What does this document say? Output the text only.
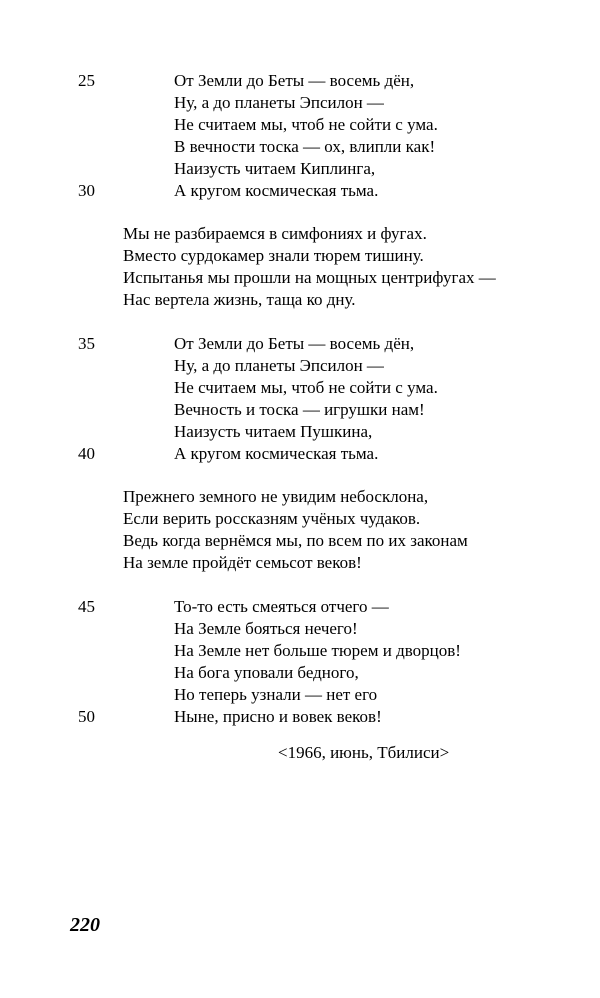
25	От Земли до Беты — восемь дён,
Ну, а до планеты Эпсилон —
Не считаем мы, чтоб не сойти с ума.
В вечности тоска — ох, влипли как!
Наизусть читаем Киплинга,
30	А кругом космическая тьма.
Мы не разбираемся в симфониях и фугах.
Вместо сурдокамер знали тюрем тишину.
Испытанья мы прошли на мощных центрифугах —
Нас вертела жизнь, таща ко дну.
35	От Земли до Беты — восемь дён,
Ну, а до планеты Эпсилон —
Не считаем мы, чтоб не сойти с ума.
Вечность и тоска — игрушки нам!
Наизусть читаем Пушкина,
40	А кругом космическая тьма.
Прежнего земного не увидим небосклона,
Если верить россказням учёных чудаков.
Ведь когда вернёмся мы, по всем по их законам
На земле пройдёт семьсот веков!
45	То-то есть смеяться отчего —
На Земле бояться нечего!
На Земле нет больше тюрем и дворцов!
На бога уповали бедного,
Но теперь узнали — нет его
50	Ныне, присно и вовек веков!
<1966, июнь, Тбилиси>
220
